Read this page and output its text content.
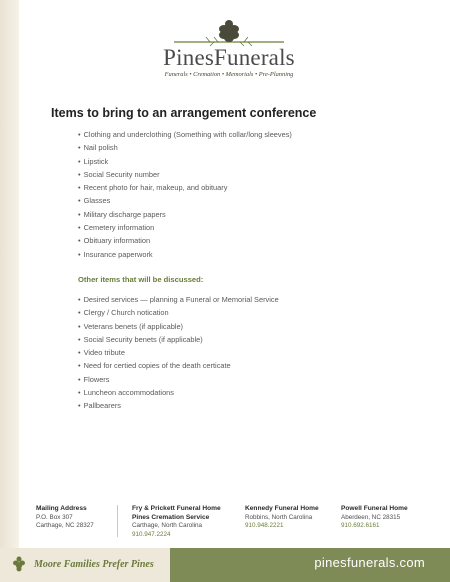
PinesFunerals
Funerals • Cremation • Memorials • Pre-Planning
Items to bring to an arrangement conference
• Clothing and underclothing (Something with collar/long sleeves)
• Nail polish
• Lipstick
• Social Security number
• Recent photo for hair, makeup, and obituary
• Glasses
• Military discharge papers
• Cemetery information
• Obituary information
• Insurance paperwork
Other items that will be discussed:
• Desired services — planning a Funeral or Memorial Service
• Clergy / Church notication
• Veterans benets (if applicable)
• Social Security benets (if applicable)
• Video tribute
• Need for certied copies of the death certicate
• Flowers
• Luncheon accommodations
• Pallbearers
Mailing Address
P.O. Box 307
Carthage, NC 28327
Fry & Prickett Funeral Home
Pines Cremation Service
Carthage, North Carolina
910.947.2224
Kennedy Funeral Home
Robbins, North Carolina
910.948.2221
Powell Funeral Home
Aberdeen, NC 28315
910.692.6161
Moore Families Prefer Pines	pinesfunerals.com
